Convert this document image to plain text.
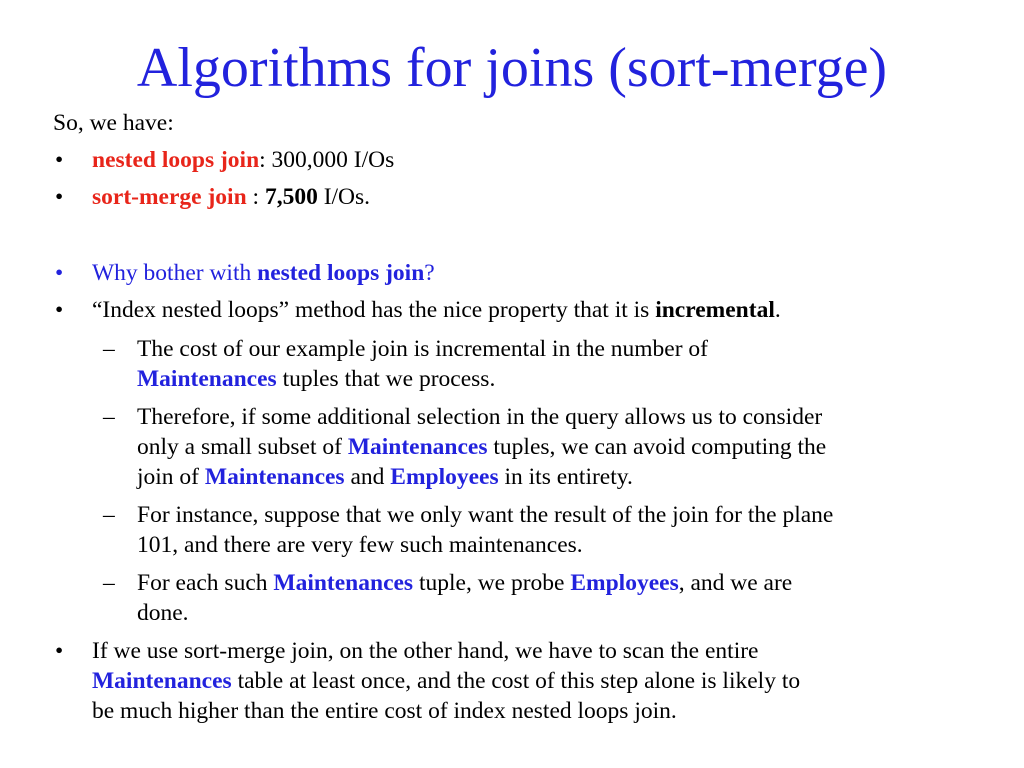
Algorithms for joins (sort-merge)
So, we have:
• nested loops join: 300,000 I/Os
• sort-merge join : 7,500 I/Os.
• Why bother with nested loops join?
• “Index nested loops” method has the nice property that it is incremental.
– The cost of our example join is incremental in the number of
Maintenances tuples that we process.
– Therefore, if some additional selection in the query allows us to consider
only a small subset of Maintenances tuples, we can avoid computing the
join of Maintenances and Employees in its entirety.
– For instance, suppose that we only want the result of the join for the plane
101, and there are very few such maintenances.
– For each such Maintenances tuple, we probe Employees, and we are
done.
• If we use sort-merge join, on the other hand, we have to scan the entire
Maintenances table at least once, and the cost of this step alone is likely to
be much higher than the entire cost of index nested loops join.
